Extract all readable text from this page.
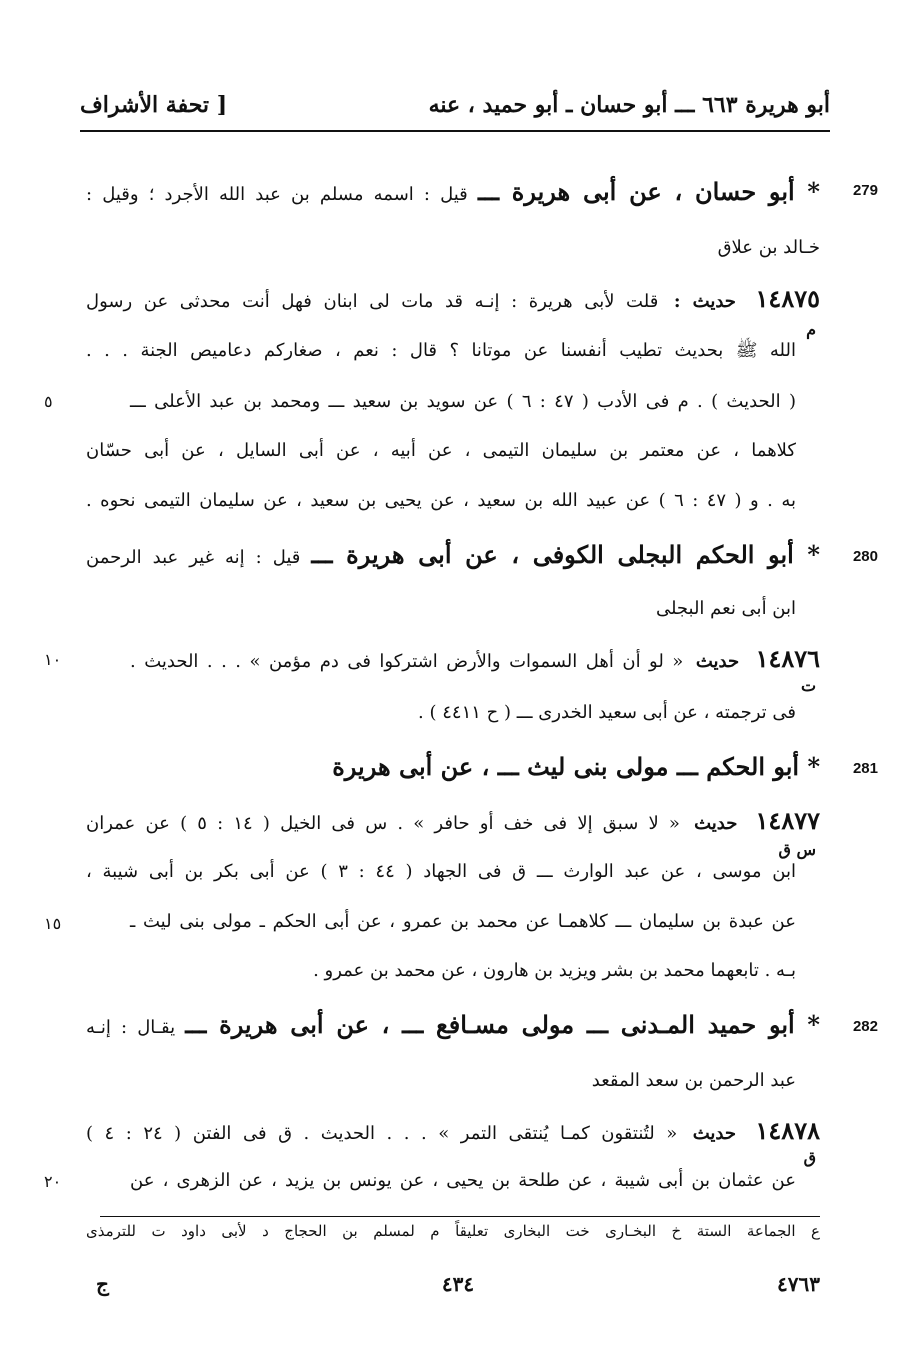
أبو هريرة ٦٦٣ ـــ أبو حسان ـ أبو حميد ، عنه
[ تحفة الأشراف
279
* أبو حسان ، عن أبى هريرة ـــ قيل : اسمه مسلم بن عبد الله الأجرد ؛ وقيل :
خـالد بن علاق
١٤٨٧٥ حديث : قلت لأبى هريرة : إنـه قد مات لى ابنان فهل أنت محدثى عن رسول
م
الله ﷺ بحديث تطيب أنفسنا عن موتانا ؟ قال : نعم ، صغاركم دعاميص الجنة . . .
( الحديث ) . م فى الأدب ( ٤٧ : ٦ ) عن سويد بن سعيد ـــ ومحمد بن عبد الأعلى ـــ
٥
كلاهما ، عن معتمر بن سليمان التيمى ، عن أبيه ، عن أبى السايل ، عن أبى حسّان
به . و ( ٤٧ : ٦ ) عن عبيد الله بن سعيد ، عن يحيى بن سعيد ، عن سليمان التيمى نحوه .
280
* أبو الحكم البجلى الكوفى ، عن أبى هريرة ـــ قيل : إنه غير عبد الرحمن
ابن أبى نعم البجلى
١٤٨٧٦ حديث « لو أن أهل السموات والأرض اشتركوا فى دم مؤمن » . . . الحديث .
١٠
ت
فى ترجمته ، عن أبى سعيد الخدرى ـــ ( ح ٤٤١١ ) .
281
* أبو الحكم ـــ مولى بنى ليث ـــ ، عن أبى هريرة
١٤٨٧٧ حديث « لا سبق إلا فى خف أو حافر » . س فى الخيل ( ١٤ : ٥ ) عن عمران
س ق
ابن موسى ، عن عبد الوارث ـــ ق فى الجهاد ( ٤٤ : ٣ ) عن أبى بكر بن أبى شيبة ،
عن عبدة بن سليمان ـــ كلاهمـا عن محمد بن عمرو ، عن أبى الحكم ـ مولى بنى ليث ـ
١٥
بـه . تابعهما محمد بن بشر ويزيد بن هارون ، عن محمد بن عمرو .
282
* أبو حميد المـدنى ـــ مولى مسـافع ـــ ، عن أبى هريرة ـــ يقـال : إنـه
عبد الرحمن بن سعد المقعد
١٤٨٧٨ حديث « لتُنتقون كمـا يُنتقى التمر » . . . الحديث . ق فى الفتن ( ٢٤ : ٤ )
ق
عن عثمان بن أبى شيبة ، عن طلحة بن يحيى ، عن يونس بن يزيد ، عن الزهرى ، عن
٢٠
ع الجماعة الستة خ البخـارى خت البخارى تعليقاً م لمسلم بن الحجاج د لأبى داود ت للترمذى
٤٧٦٣
٤٣٤
ج
